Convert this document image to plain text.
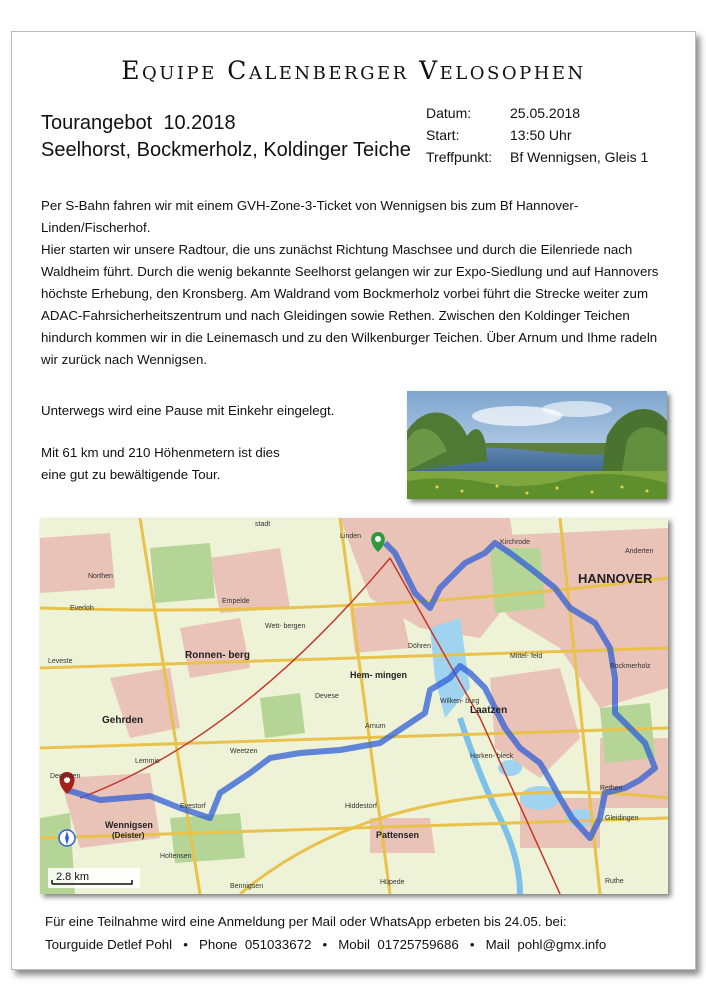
Equipe Calenberger Velosophen
Tourangebot  10.2018
Seelhorst, Bockmerholz, Koldinger Teiche
Datum:	25.05.2018
Start:	13:50 Uhr
Treffpunkt:	Bf Wennigsen, Gleis 1
Per S-Bahn fahren wir mit einem GVH-Zone-3-Ticket von Wennigsen bis zum Bf Hannover-Linden/Fischerhof.
Hier starten wir unsere Radtour, die uns zunächst Richtung Maschsee und durch die Eilenriede nach Waldheim führt. Durch die wenig bekannte Seelhorst gelangen wir zur Expo-Siedlung und auf Hannovers höchste Erhebung, den Kronsberg. Am Waldrand vom Bockmerholz vorbei führt die Strecke weiter zum ADAC-Fahrsicherheitszentrum und nach Gleidingen sowie Rethen. Zwischen den Koldinger Teichen hindurch kommen wir in die Leinemasch und zu den Wilkenburger Teichen. Über Arnum und Ihme radeln wir zurück nach Wennigsen.
Unterwegs wird eine Pause mit Einkehr eingelegt.
Mit 61 km und 210 Höhenmetern ist dies
eine gut zu bewältigende Tour.
HANNOVER
Ronnen- berg
Gehrden
Hem- mingen
Laatzen
Wennigsen
(Deister)	Pattensen
Linden
Kirchrode
Anderten
Empelde
Weetzen
Arnum
Rethen
Mittel- feld
Wilken- burg
Ruthe
Bockmerholz
Döhren
Bennigsen
Holtensen
Everloh
Northen
Leveste
Devese
Harken- bleck
Hiddestorf
Lemmie
Degersen
Evestorf
Wett- bergen
Gleidingen
Hüpede
stadt
2.8 km
Für eine Teilnahme wird eine Anmeldung per Mail oder WhatsApp erbeten bis 24.05. bei:
Tourguide Detlef Pohl • Phone  051033672 • Mobil  01725759686 • Mail  pohl@gmx.info
